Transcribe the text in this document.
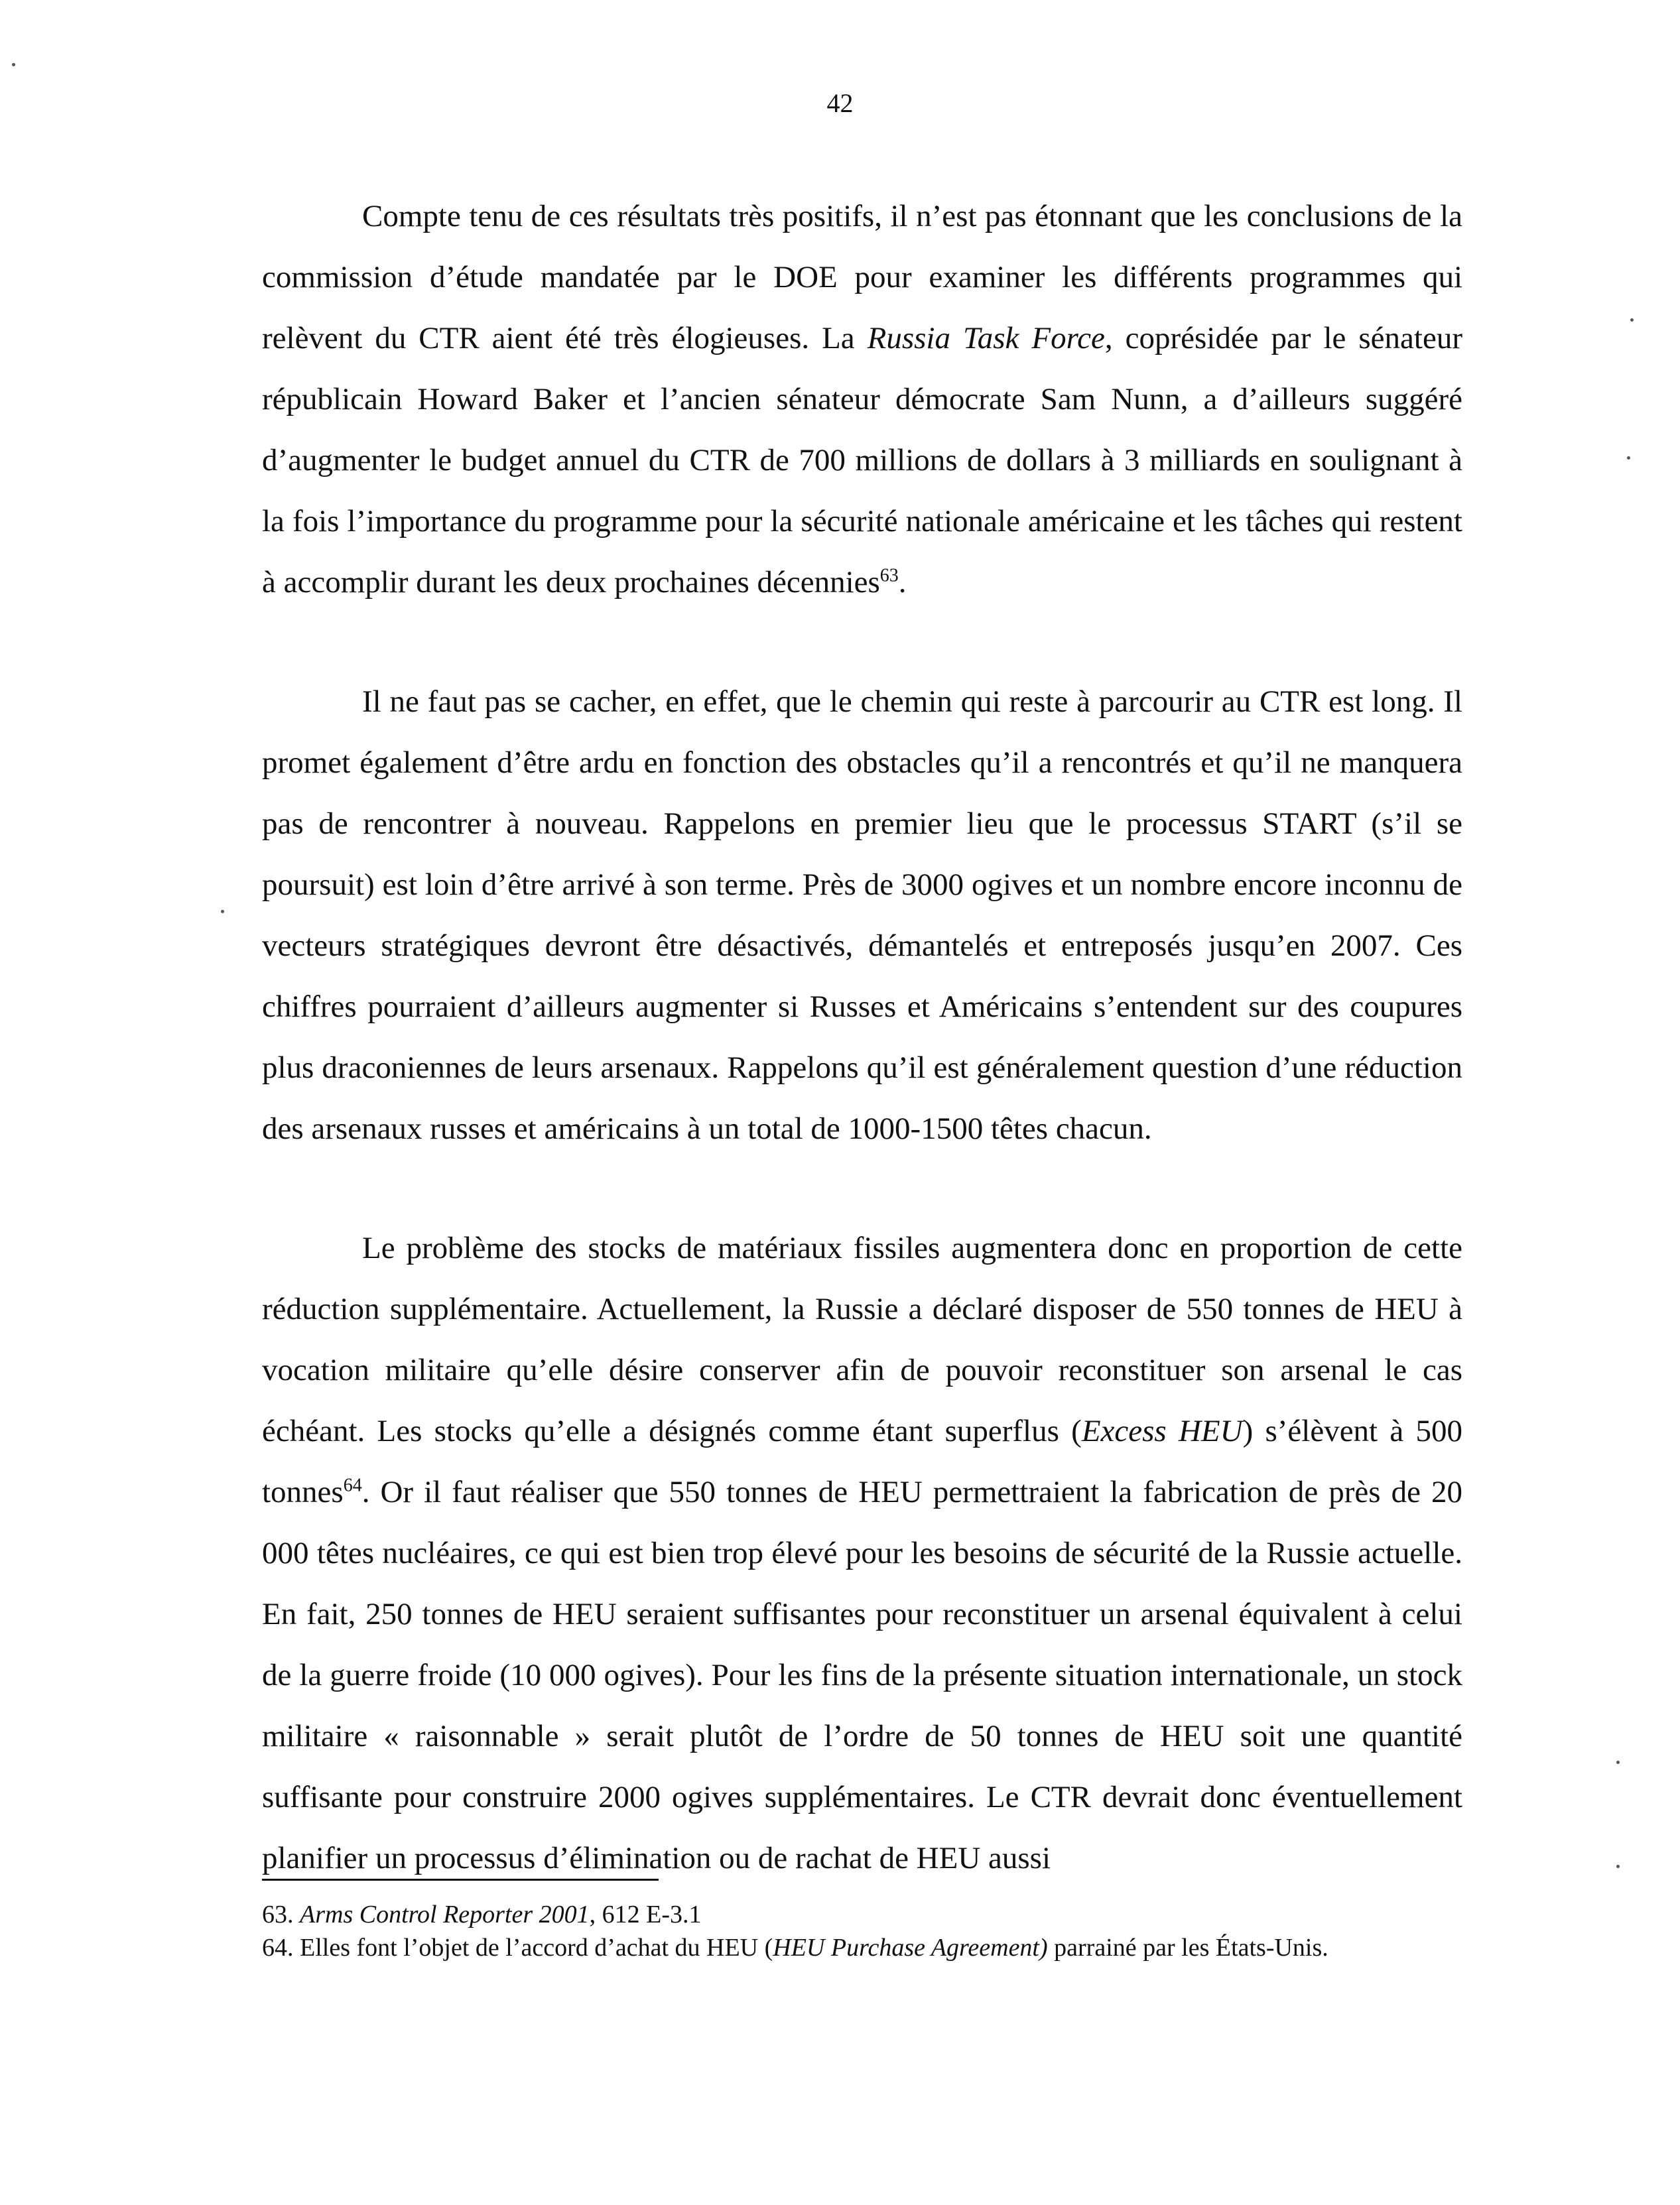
42

Compte tenu de ces résultats très positifs, il n’est pas étonnant que les conclusions de la commission d’étude mandatée par le DOE pour examiner les différents programmes qui relèvent du CTR aient été très élogieuses. La Russia Task Force, coprésidée par le sénateur républicain Howard Baker et l’ancien sénateur démocrate Sam Nunn, a d’ailleurs suggéré d’augmenter le budget annuel du CTR de 700 millions de dollars à 3 milliards en soulignant à la fois l’importance du programme pour la sécurité nationale américaine et les tâches qui restent à accomplir durant les deux prochaines décennies$^{63}$.

Il ne faut pas se cacher, en effet, que le chemin qui reste à parcourir au CTR est long. Il promet également d’être ardu en fonction des obstacles qu’il a rencontrés et qu’il ne manquera pas de rencontrer à nouveau. Rappelons en premier lieu que le processus START (s’il se poursuit) est loin d’être arrivé à son terme. Près de 3000 ogives et un nombre encore inconnu de vecteurs stratégiques devront être désactivés, démantelés et entreposés jusqu’en 2007. Ces chiffres pourraient d’ailleurs augmenter si Russes et Américains s’entendent sur des coupures plus draconiennes de leurs arsenaux. Rappelons qu’il est généralement question d’une réduction des arsenaux russes et américains à un total de 1000-1500 têtes chacun.

Le problème des stocks de matériaux fissiles augmentera donc en proportion de cette réduction supplémentaire. Actuellement, la Russie a déclaré disposer de 550 tonnes de HEU à vocation militaire qu’elle désire conserver afin de pouvoir reconstituer son arsenal le cas échéant. Les stocks qu’elle a désignés comme étant superflus (Excess HEU) s’élèvent à 500 tonnes$^{64}$. Or il faut réaliser que 550 tonnes de HEU permettraient la fabrication de près de 20 000 têtes nucléaires, ce qui est bien trop élevé pour les besoins de sécurité de la Russie actuelle. En fait, 250 tonnes de HEU seraient suffisantes pour reconstituer un arsenal équivalent à celui de la guerre froide (10 000 ogives). Pour les fins de la présente situation internationale, un stock militaire « raisonnable » serait plutôt de l’ordre de 50 tonnes de HEU soit une quantité suffisante pour construire 2000 ogives supplémentaires. Le CTR devrait donc éventuellement planifier un processus d’élimination ou de rachat de HEU aussi

63. Arms Control Reporter 2001, 612 E-3.1

64. Elles font l’objet de l’accord d’achat du HEU (HEU Purchase Agreement) parrainé par les États-Unis.
